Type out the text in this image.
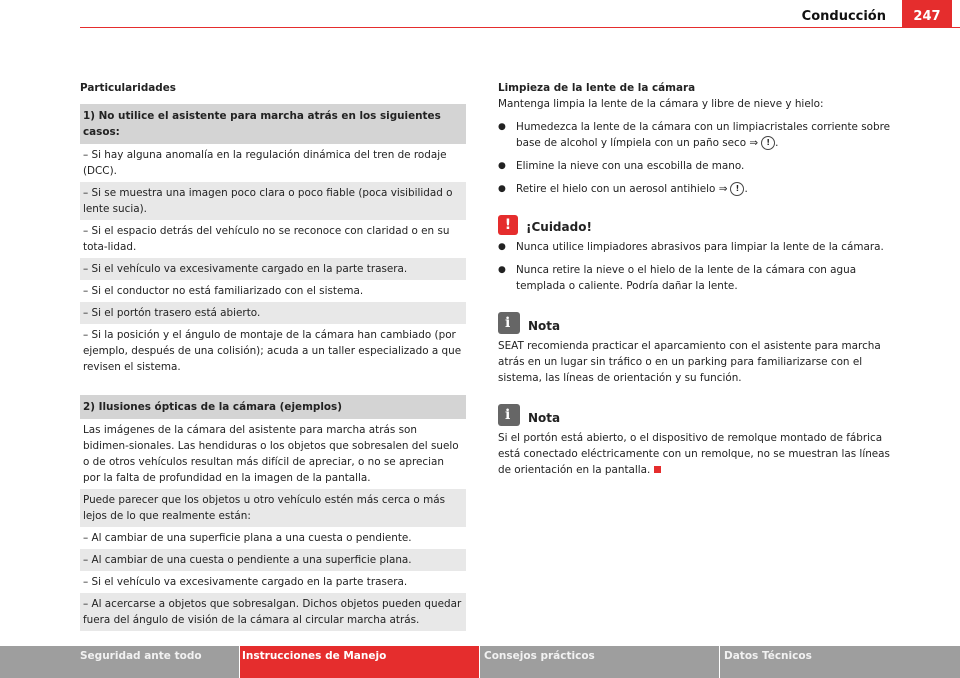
Conducción	247
Particularidades
1) No utilice el asistente para marcha atrás en los siguientes casos:
– Si hay alguna anomalía en la regulación dinámica del tren de rodaje (DCC).
– Si se muestra una imagen poco clara o poco fiable (poca visibilidad o lente sucia).
– Si el espacio detrás del vehículo no se reconoce con claridad o en su tota-lidad.
– Si el vehículo va excesivamente cargado en la parte trasera.
– Si el conductor no está familiarizado con el sistema.
– Si el portón trasero está abierto.
– Si la posición y el ángulo de montaje de la cámara han cambiado (por ejemplo, después de una colisión); acuda a un taller especializado a que revisen el sistema.
2) Ilusiones ópticas de la cámara (ejemplos)
Las imágenes de la cámara del asistente para marcha atrás son bidimen-sionales. Las hendiduras o los objetos que sobresalen del suelo o de otros vehículos resultan más difícil de apreciar, o no se aprecian por la falta de profundidad en la imagen de la pantalla.
Puede parecer que los objetos u otro vehículo estén más cerca o más lejos de lo que realmente están:
– Al cambiar de una superficie plana a una cuesta o pendiente.
– Al cambiar de una cuesta o pendiente a una superficie plana.
– Si el vehículo va excesivamente cargado en la parte trasera.
– Al acercarse a objetos que sobresalgan. Dichos objetos pueden quedar fuera del ángulo de visión de la cámara al circular marcha atrás.

Limpieza de la lente de la cámara

Mantenga limpia la lente de la cámara y libre de nieve y hielo:

● Humedezca la lente de la cámara con un limpiacristales corriente sobre base de alcohol y límpiela con un paño seco ⇒ ! .
● Elimine la nieve con una escobilla de mano.
● Retire el hielo con un aerosol antihielo ⇒ ! .
!	¡Cuidado!
● Nunca utilice limpiadores abrasivos para limpiar la lente de la cámara.
● Nunca retire la nieve o el hielo de la lente de la cámara con agua templada o caliente. Podría dañar la lente.
i Nota

SEAT recomienda practicar el aparcamiento con el asistente para marcha atrás en un lugar sin tráfico o en un parking para familiarizarse con el sistema, las líneas de orientación y su función.

i Nota

Si el portón está abierto, o el dispositivo de remolque montado de fábrica está conectado eléctricamente con un remolque, no se muestran las líneas de orientación en la pantalla.

Seguridad ante todo	Instrucciones de Manejo	Consejos prácticos	Datos Técnicos
